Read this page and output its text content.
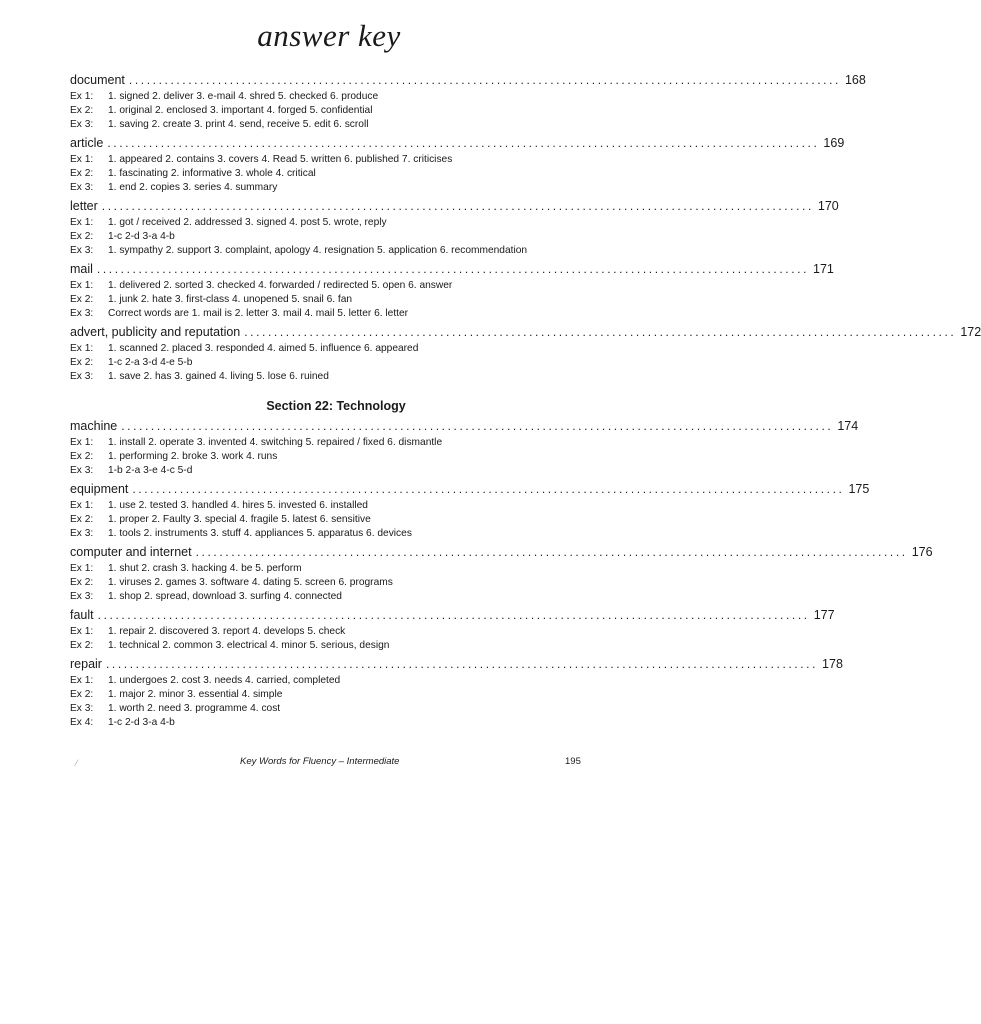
answer key
document ........................................................................................................................ 168
Ex 1:	1. signed 2. deliver 3. e-mail 4. shred 5. checked 6. produce
Ex 2:	1. original 2. enclosed 3. important 4. forged 5. confidential
Ex 3:	1. saving 2. create 3. print 4. send, receive 5. edit 6. scroll
article ........................................................................................................................ 169
Ex 1:	1. appeared 2. contains 3. covers 4. Read 5. written 6. published 7. criticises
Ex 2:	1. fascinating 2. informative 3. whole 4. critical
Ex 3:	1. end 2. copies 3. series 4. summary
letter ........................................................................................................................ 170
Ex 1:	1. got / received 2. addressed 3. signed 4. post 5. wrote, reply
Ex 2:	1-c 2-d 3-a 4-b
Ex 3:	1. sympathy 2. support 3. complaint, apology 4. resignation 5. application 6. recommendation
mail ........................................................................................................................ 171
Ex 1:	1. delivered 2. sorted 3. checked 4. forwarded / redirected 5. open 6. answer
Ex 2:	1. junk 2. hate 3. first-class 4. unopened 5. snail 6. fan
Ex 3:	Correct words are 1. mail is 2. letter 3. mail 4. mail 5. letter 6. letter
advert, publicity and reputation ........................................................................................................................ 172
Ex 1:	1. scanned 2. placed 3. responded 4. aimed 5. influence 6. appeared
Ex 2:	1-c 2-a 3-d 4-e 5-b
Ex 3:	1. save 2. has 3. gained 4. living 5. lose 6. ruined
Section 22: Technology
machine ........................................................................................................................ 174
Ex 1:	1. install 2. operate 3. invented 4. switching 5. repaired / fixed 6. dismantle
Ex 2:	1. performing 2. broke 3. work 4. runs
Ex 3:	1-b 2-a 3-e 4-c 5-d
equipment ........................................................................................................................ 175
Ex 1:	1. use 2. tested 3. handled 4. hires 5. invested 6. installed
Ex 2:	1. proper 2. Faulty 3. special 4. fragile 5. latest 6. sensitive
Ex 3:	1. tools 2. instruments 3. stuff 4. appliances 5. apparatus 6. devices
computer and internet ........................................................................................................................ 176
Ex 1:	1. shut 2. crash 3. hacking 4. be 5. perform
Ex 2:	1. viruses 2. games 3. software 4. dating 5. screen 6. programs
Ex 3:	1. shop 2. spread, download 3. surfing 4. connected
fault ........................................................................................................................ 177
Ex 1:	1. repair 2. discovered 3. report 4. develops 5. check
Ex 2:	1. technical 2. common 3. electrical 4. minor 5. serious, design
repair ........................................................................................................................ 178
Ex 1:	1. undergoes 2. cost 3. needs 4. carried, completed
Ex 2:	1. major 2. minor 3. essential 4. simple
Ex 3:	1. worth 2. need 3. programme 4. cost
Ex 4:	1-c 2-d 3-a 4-b
⁄	Key Words for Fluency – Intermediate	195
